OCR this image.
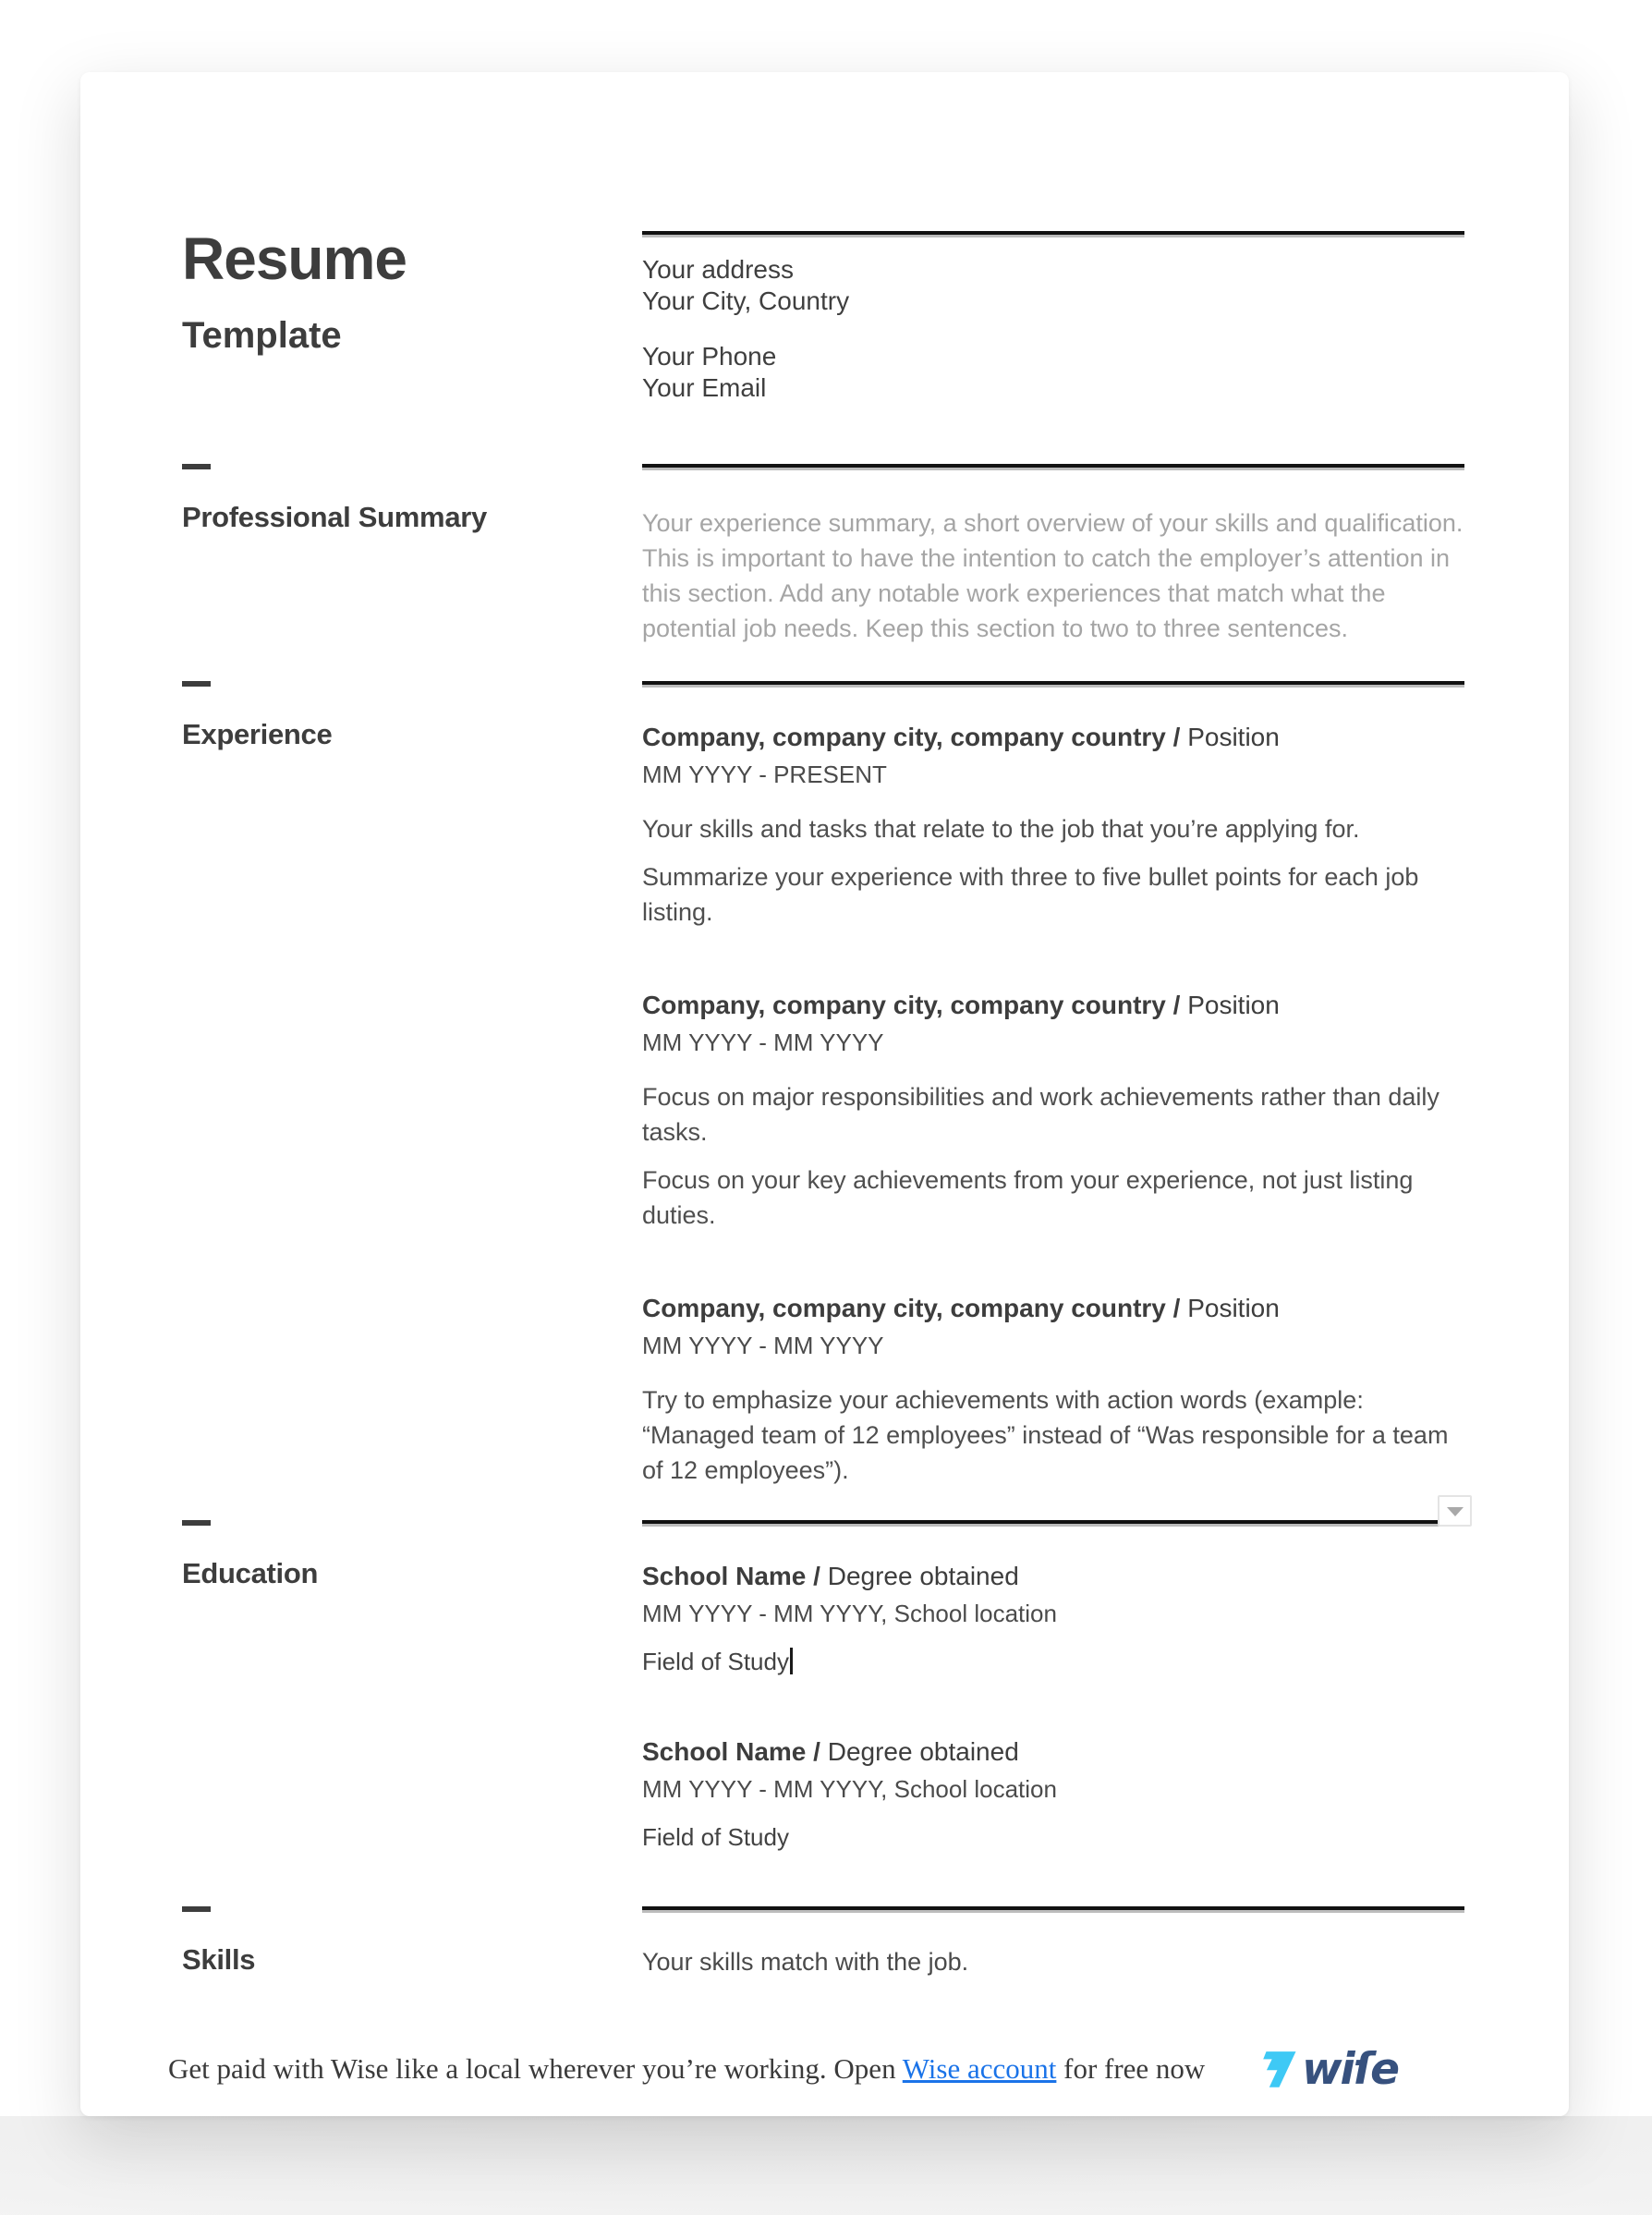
Resume
Template
Your address
Your City, Country
Your Phone
Your Email
Professional Summary	Your experience summary, a short overview of your skills and qualification. This is important to have the intention to catch the employer’s attention in this section. Add any notable work experiences that match what the potential job needs. Keep this section to two to three sentences.

Experience	Company, company city, company country / Position
MM YYYY - PRESENT

Your skills and tasks that relate to the job that you’re applying for.

Summarize your experience with three to five bullet points for each job listing.

Company, company city, company country / Position
MM YYYY - MM YYYY

Focus on major responsibilities and work achievements rather than daily tasks.

Focus on your key achievements from your experience, not just listing duties.

Company, company city, company country / Position
MM YYYY - MM YYYY

Try to emphasize your achievements with action words (example: “Managed team of 12 employees” instead of “Was responsible for a team of 12 employees”).

Education	School Name / Degree obtained
MM YYYY - MM YYYY, School location
Field of Study
School Name / Degree obtained
MM YYYY - MM YYYY, School location
Field of Study
Skills	Your skills match with the job.
Get paid with Wise like a local wherever you’re working. Open Wise account for free now wiſe
